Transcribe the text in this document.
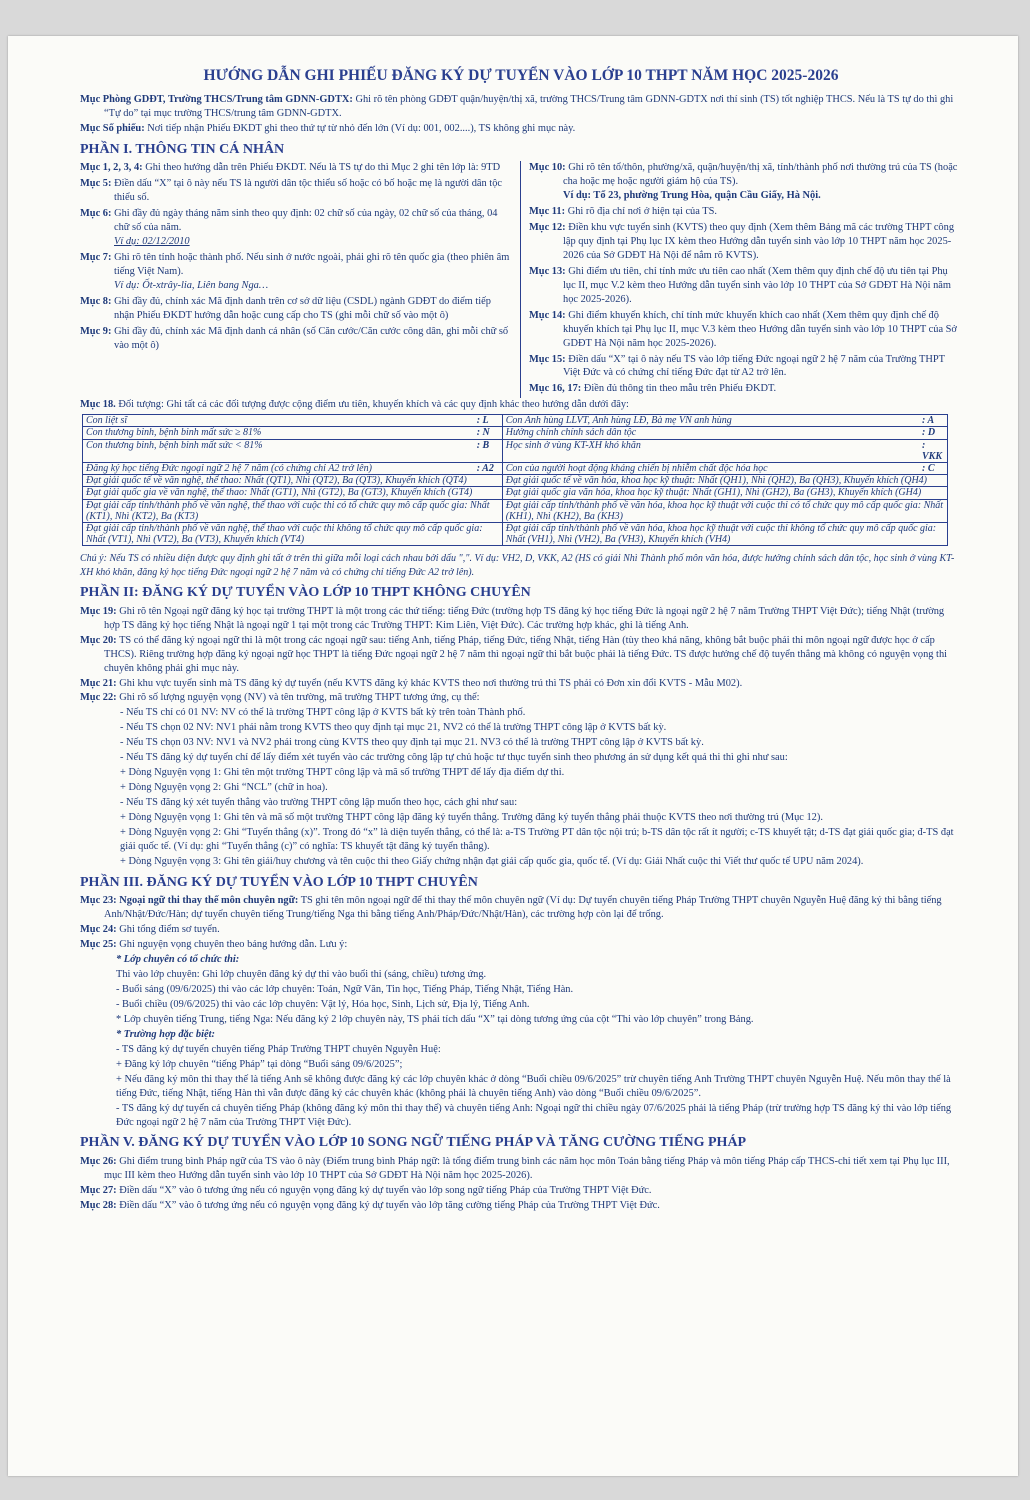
HƯỚNG DẪN GHI PHIẾU ĐĂNG KÝ DỰ TUYỂN VÀO LỚP 10 THPT NĂM HỌC 2025-2026

Mục Phòng GDĐT, Trường THCS/Trung tâm GDNN-GDTX: Ghi rõ tên phòng GDĐT quận/huyện/thị xã, trường THCS/Trung tâm GDNN-GDTX nơi thí sinh (TS) tốt nghiệp THCS. Nếu là TS tự do thì ghi “Tự do” tại mục trường THCS/trung tâm GDNN-GDTX.

Mục Số phiếu: Nơi tiếp nhận Phiếu ĐKDT ghi theo thứ tự từ nhỏ đến lớn (Ví dụ: 001, 002....), TS không ghi mục này.

PHẦN I. THÔNG TIN CÁ NHÂN

Mục 1, 2, 3, 4: Ghi theo hướng dẫn trên Phiếu ĐKDT. Nếu là TS tự do thì Mục 2 ghi tên lớp là: 9TD

Mục 5: Điền dấu “X” tại ô này nếu TS là người dân tộc thiểu số hoặc có bố hoặc mẹ là người dân tộc thiểu số.

Mục 6: Ghi đầy đủ ngày tháng năm sinh theo quy định: 02 chữ số của ngày, 02 chữ số của tháng, 04 chữ số của năm.
Ví dụ: 02/12/2010

Mục 7: Ghi rõ tên tỉnh hoặc thành phố. Nếu sinh ở nước ngoài, phải ghi rõ tên quốc gia (theo phiên âm tiếng Việt Nam).
Ví dụ: Ốt-xtrây-lia, Liên bang Nga…

Mục 8: Ghi đầy đủ, chính xác Mã định danh trên cơ sở dữ liệu (CSDL) ngành GDĐT do điểm tiếp nhận Phiếu ĐKDT hướng dẫn hoặc cung cấp cho TS (ghi mỗi chữ số vào một ô)

Mục 9: Ghi đầy đủ, chính xác Mã định danh cá nhân (số Căn cước/Căn cước công dân, ghi mỗi chữ số vào một ô)

Mục 10: Ghi rõ tên tổ/thôn, phường/xã, quận/huyện/thị xã, tỉnh/thành phố nơi thường trú của TS (hoặc cha hoặc mẹ hoặc người giám hộ của TS).
Ví dụ: Tổ 23, phường Trung Hòa, quận Cầu Giấy, Hà Nội.

Mục 11: Ghi rõ địa chỉ nơi ở hiện tại của TS.

Mục 12: Điền khu vực tuyển sinh (KVTS) theo quy định (Xem thêm Bảng mã các trường THPT công lập quy định tại Phụ lục IX kèm theo Hướng dẫn tuyển sinh vào lớp 10 THPT năm học 2025-2026 của Sở GDĐT Hà Nội để nắm rõ KVTS).

Mục 13: Ghi điểm ưu tiên, chỉ tính mức ưu tiên cao nhất (Xem thêm quy định chế độ ưu tiên tại Phụ lục II, mục V.2 kèm theo Hướng dẫn tuyển sinh vào lớp 10 THPT của Sở GDĐT Hà Nội năm học 2025-2026).

Mục 14: Ghi điểm khuyến khích, chỉ tính mức khuyến khích cao nhất (Xem thêm quy định chế độ khuyến khích tại Phụ lục II, mục V.3 kèm theo Hướng dẫn tuyển sinh vào lớp 10 THPT của Sở GDĐT Hà Nội năm học 2025-2026).

Mục 15: Điền dấu “X” tại ô này nếu TS vào lớp tiếng Đức ngoại ngữ 2 hệ 7 năm của Trường THPT Việt Đức và có chứng chỉ tiếng Đức đạt từ A2 trở lên.

Mục 16, 17: Điền đủ thông tin theo mẫu trên Phiếu ĐKDT.

Mục 18. Đối tượng: Ghi tất cả các đối tượng được cộng điểm ưu tiên, khuyến khích và các quy định khác theo hướng dẫn dưới đây:

Con liệt sĩ	: L	Con Anh hùng LLVT, Anh hùng LĐ, Bà mẹ VN anh hùng	: A
Con thương binh, bệnh binh mất sức ≥ 81%	: N	Hưởng chính chính sách dân tộc	: D
Con thương binh, bệnh binh mất sức < 81%	: B	Học sinh ở vùng KT-XH khó khăn	: VKK
Đăng ký học tiếng Đức ngoại ngữ 2 hệ 7 năm (có chứng chỉ A2 trở lên)	: A2	Con của người hoạt động kháng chiến bị nhiễm chất độc hóa học	: C
Đạt giải quốc tế về văn nghệ, thể thao: Nhất (QT1), Nhì (QT2), Ba (QT3), Khuyến khích (QT4)		Đạt giải quốc tế về văn hóa, khoa học kỹ thuật: Nhất (QH1), Nhì (QH2), Ba (QH3), Khuyến khích (QH4)	
Đạt giải quốc gia về văn nghệ, thể thao: Nhất (GT1), Nhì (GT2), Ba (GT3), Khuyến khích (GT4)		Đạt giải quốc gia văn hóa, khoa học kỹ thuật: Nhất (GH1), Nhì (GH2), Ba (GH3), Khuyến khích (GH4)	
Đạt giải cấp tỉnh/thành phố về văn nghệ, thể thao với cuộc thi có tổ chức quy mô cấp quốc gia: Nhất (KT1), Nhì (KT2), Ba (KT3)		Đạt giải cấp tỉnh/thành phố về văn hóa, khoa học kỹ thuật với cuộc thi có tổ chức quy mô cấp quốc gia: Nhất (KH1), Nhì (KH2), Ba (KH3)	
Đạt giải cấp tỉnh/thành phố về văn nghệ, thể thao với cuộc thi không tổ chức quy mô cấp quốc gia: Nhất (VT1), Nhì (VT2), Ba (VT3), Khuyến khích (VT4)		Đạt giải cấp tỉnh/thành phố về văn hóa, khoa học kỹ thuật với cuộc thi không tổ chức quy mô cấp quốc gia: Nhất (VH1), Nhì (VH2), Ba (VH3), Khuyến khích (VH4)	

Chú ý: Nếu TS có nhiều diện được quy định ghi tất ở trên thì giữa mỗi loại cách nhau bởi dấu ",". Ví dụ: VH2, D, VKK, A2 (HS có giải Nhì Thành phố môn văn hóa, được hưởng chính sách dân tộc, học sinh ở vùng KT-XH khó khăn, đăng ký học tiếng Đức ngoại ngữ 2 hệ 7 năm và có chứng chỉ tiếng Đức A2 trở lên).

PHẦN II: ĐĂNG KÝ DỰ TUYỂN VÀO LỚP 10 THPT KHÔNG CHUYÊN

Mục 19: Ghi rõ tên Ngoại ngữ đăng ký học tại trường THPT là một trong các thứ tiếng: tiếng Đức (trường hợp TS đăng ký học tiếng Đức là ngoại ngữ 2 hệ 7 năm Trường THPT Việt Đức); tiếng Nhật (trường hợp TS đăng ký học tiếng Nhật là ngoại ngữ 1 tại một trong các Trường THPT: Kim Liên, Việt Đức). Các trường hợp khác, ghi là tiếng Anh.

Mục 20: TS có thể đăng ký ngoại ngữ thi là một trong các ngoại ngữ sau: tiếng Anh, tiếng Pháp, tiếng Đức, tiếng Nhật, tiếng Hàn (tùy theo khả năng, không bắt buộc phải thi môn ngoại ngữ được học ở cấp THCS). Riêng trường hợp đăng ký ngoại ngữ học THPT là tiếng Đức ngoại ngữ 2 hệ 7 năm thì ngoại ngữ thi bắt buộc phải là tiếng Đức. TS được hưởng chế độ tuyển thẳng mà không có nguyện vọng thi chuyên không phải ghi mục này.

Mục 21: Ghi khu vực tuyển sinh mà TS đăng ký dự tuyển (nếu KVTS đăng ký khác KVTS theo nơi thường trú thì TS phải có Đơn xin đổi KVTS - Mẫu M02).

Mục 22: Ghi rõ số lượng nguyện vọng (NV) và tên trường, mã trường THPT tương ứng, cụ thể:

- Nếu TS chỉ có 01 NV: NV có thể là trường THPT công lập ở KVTS bất kỳ trên toàn Thành phố.

- Nếu TS chọn 02 NV: NV1 phải nằm trong KVTS theo quy định tại mục 21, NV2 có thể là trường THPT công lập ở KVTS bất kỳ.

- Nếu TS chọn 03 NV: NV1 và NV2 phải trong cùng KVTS theo quy định tại mục 21. NV3 có thể là trường THPT công lập ở KVTS bất kỳ.

- Nếu TS đăng ký dự tuyển chỉ để lấy điểm xét tuyển vào các trường công lập tự chủ hoặc tư thục tuyển sinh theo phương án sử dụng kết quả thi thì ghi như sau:

+ Dòng Nguyện vọng 1: Ghi tên một trường THPT công lập và mã số trường THPT để lấy địa điểm dự thi.

+ Dòng Nguyện vọng 2: Ghi “NCL” (chữ in hoa).

- Nếu TS đăng ký xét tuyển thẳng vào trường THPT công lập muốn theo học, cách ghi như sau:

+ Dòng Nguyện vọng 1: Ghi tên và mã số một trường THPT công lập đăng ký tuyển thẳng. Trường đăng ký tuyển thẳng phải thuộc KVTS theo nơi thường trú (Mục 12).

+ Dòng Nguyện vọng 2: Ghi “Tuyển thẳng (x)”. Trong đó “x” là diện tuyển thẳng, có thể là: a-TS Trường PT dân tộc nội trú; b-TS dân tộc rất ít người; c-TS khuyết tật; d-TS đạt giải quốc gia; đ-TS đạt giải quốc tế. (Ví dụ: ghi “Tuyển thẳng (c)” có nghĩa: TS khuyết tật đăng ký tuyển thẳng).

+ Dòng Nguyện vọng 3: Ghi tên giải/huy chương và tên cuộc thi theo Giấy chứng nhận đạt giải cấp quốc gia, quốc tế. (Ví dụ: Giải Nhất cuộc thi Viết thư quốc tế UPU năm 2024).

PHẦN III. ĐĂNG KÝ DỰ TUYỂN VÀO LỚP 10 THPT CHUYÊN

Mục 23: Ngoại ngữ thi thay thế môn chuyên ngữ: TS ghi tên môn ngoại ngữ để thi thay thế môn chuyên ngữ (Ví dụ: Dự tuyển chuyên tiếng Pháp Trường THPT chuyên Nguyễn Huệ đăng ký thi bằng tiếng Anh/Nhật/Đức/Hàn; dự tuyển chuyên tiếng Trung/tiếng Nga thi bằng tiếng Anh/Pháp/Đức/Nhật/Hàn), các trường hợp còn lại để trống.

Mục 24: Ghi tổng điểm sơ tuyển.

Mục 25: Ghi nguyện vọng chuyên theo bảng hướng dẫn. Lưu ý:

* Lớp chuyên có tổ chức thi:

Thi vào lớp chuyên: Ghi lớp chuyên đăng ký dự thi vào buổi thi (sáng, chiều) tương ứng.

- Buổi sáng (09/6/2025) thi vào các lớp chuyên: Toán, Ngữ Văn, Tin học, Tiếng Pháp, Tiếng Nhật, Tiếng Hàn.

- Buổi chiều (09/6/2025) thi vào các lớp chuyên: Vật lý, Hóa học, Sinh, Lịch sử, Địa lý, Tiếng Anh.

* Lớp chuyên tiếng Trung, tiếng Nga: Nếu đăng ký 2 lớp chuyên này, TS phải tích dấu “X” tại dòng tương ứng của cột “Thi vào lớp chuyên” trong Bảng.

* Trường hợp đặc biệt:

- TS đăng ký dự tuyển chuyên tiếng Pháp Trường THPT chuyên Nguyễn Huệ:

+ Đăng ký lớp chuyên “tiếng Pháp” tại dòng “Buổi sáng 09/6/2025”;

+ Nếu đăng ký môn thi thay thế là tiếng Anh sẽ không được đăng ký các lớp chuyên khác ở dòng “Buổi chiều 09/6/2025” trừ chuyên tiếng Anh Trường THPT chuyên Nguyễn Huệ. Nếu môn thay thế là tiếng Đức, tiếng Nhật, tiếng Hàn thì vẫn được đăng ký các chuyên khác (không phải là chuyên tiếng Anh) vào dòng “Buổi chiều 09/6/2025”.

- TS đăng ký dự tuyển cả chuyên tiếng Pháp (không đăng ký môn thi thay thế) và chuyên tiếng Anh: Ngoại ngữ thi chiều ngày 07/6/2025 phải là tiếng Pháp (trừ trường hợp TS đăng ký thi vào lớp tiếng Đức ngoại ngữ 2 hệ 7 năm của Trường THPT Việt Đức).

PHẦN V. ĐĂNG KÝ DỰ TUYỂN VÀO LỚP 10 SONG NGỮ TIẾNG PHÁP VÀ TĂNG CƯỜNG TIẾNG PHÁP

Mục 26: Ghi điểm trung bình Pháp ngữ của TS vào ô này (Điểm trung bình Pháp ngữ: là tổng điểm trung bình các năm học môn Toán bằng tiếng Pháp và môn tiếng Pháp cấp THCS-chi tiết xem tại Phụ lục III, mục III kèm theo Hướng dẫn tuyển sinh vào lớp 10 THPT của Sở GDĐT Hà Nội năm học 2025-2026).

Mục 27: Điền dấu “X” vào ô tương ứng nếu có nguyện vọng đăng ký dự tuyển vào lớp song ngữ tiếng Pháp của Trường THPT Việt Đức.

Mục 28: Điền dấu “X” vào ô tương ứng nếu có nguyện vọng đăng ký dự tuyển vào lớp tăng cường tiếng Pháp của Trường THPT Việt Đức.
